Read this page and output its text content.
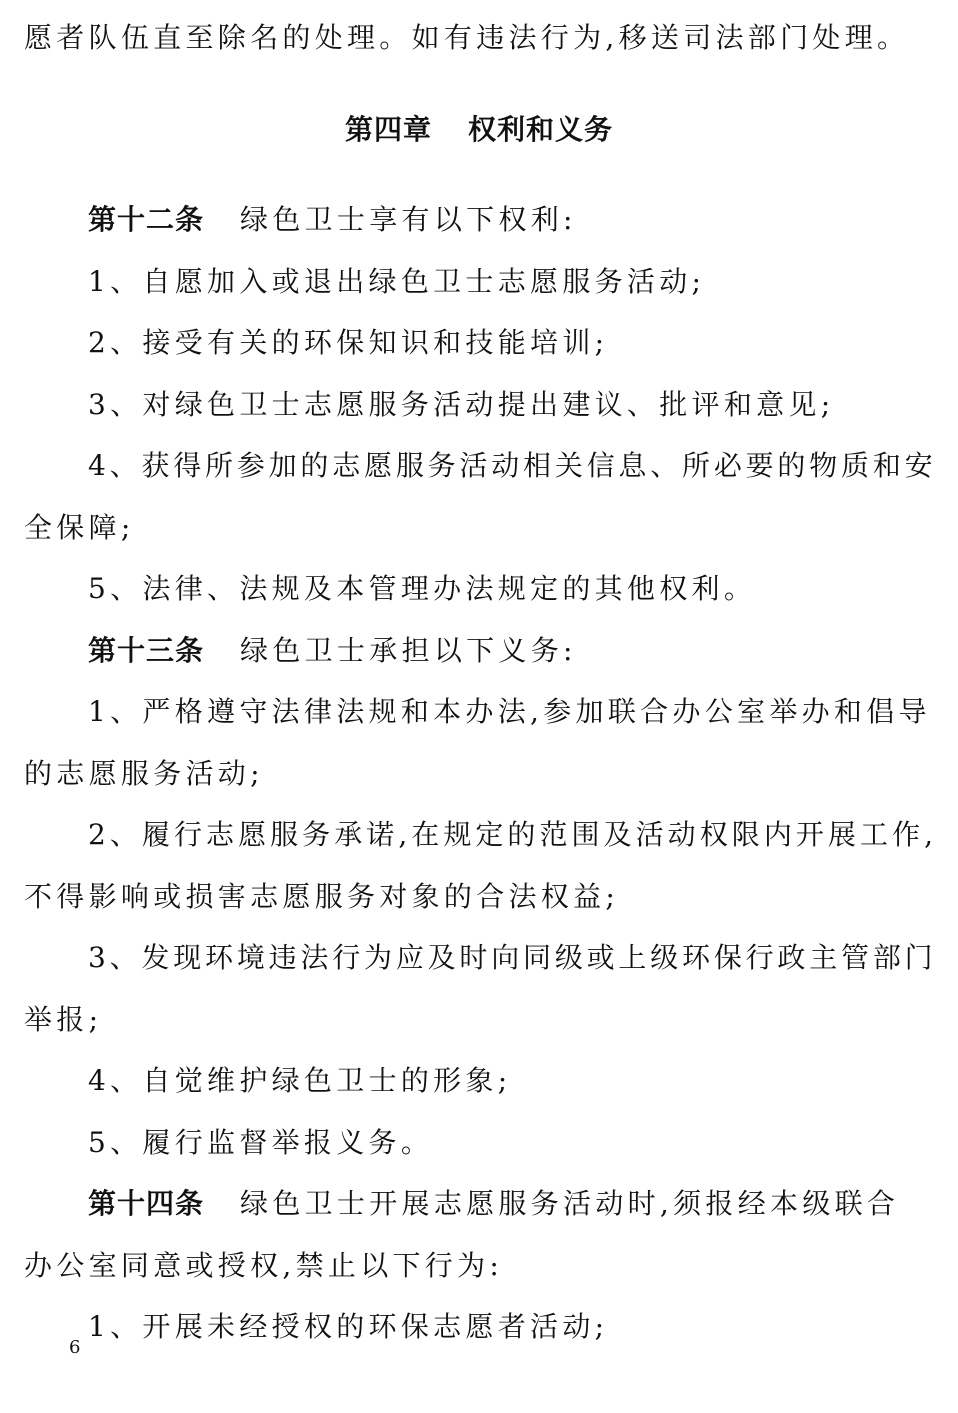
愿者队伍直至除名的处理。如有违法行为,移送司法部门处理。
第四章 权利和义务
第十二条 绿色卫士享有以下权利:
1、自愿加入或退出绿色卫士志愿服务活动;
2、接受有关的环保知识和技能培训;
3、对绿色卫士志愿服务活动提出建议、批评和意见;
4、获得所参加的志愿服务活动相关信息、所必要的物质和安
全保障;
5、法律、法规及本管理办法规定的其他权利。
第十三条 绿色卫士承担以下义务:
1、严格遵守法律法规和本办法,参加联合办公室举办和倡导
的志愿服务活动;
2、履行志愿服务承诺,在规定的范围及活动权限内开展工作,
不得影响或损害志愿服务对象的合法权益;
3、发现环境违法行为应及时向同级或上级环保行政主管部门
举报;
4、自觉维护绿色卫士的形象;
5、履行监督举报义务。
第十四条 绿色卫士开展志愿服务活动时,须报经本级联合
办公室同意或授权,禁止以下行为:
1、开展未经授权的环保志愿者活动;
6
